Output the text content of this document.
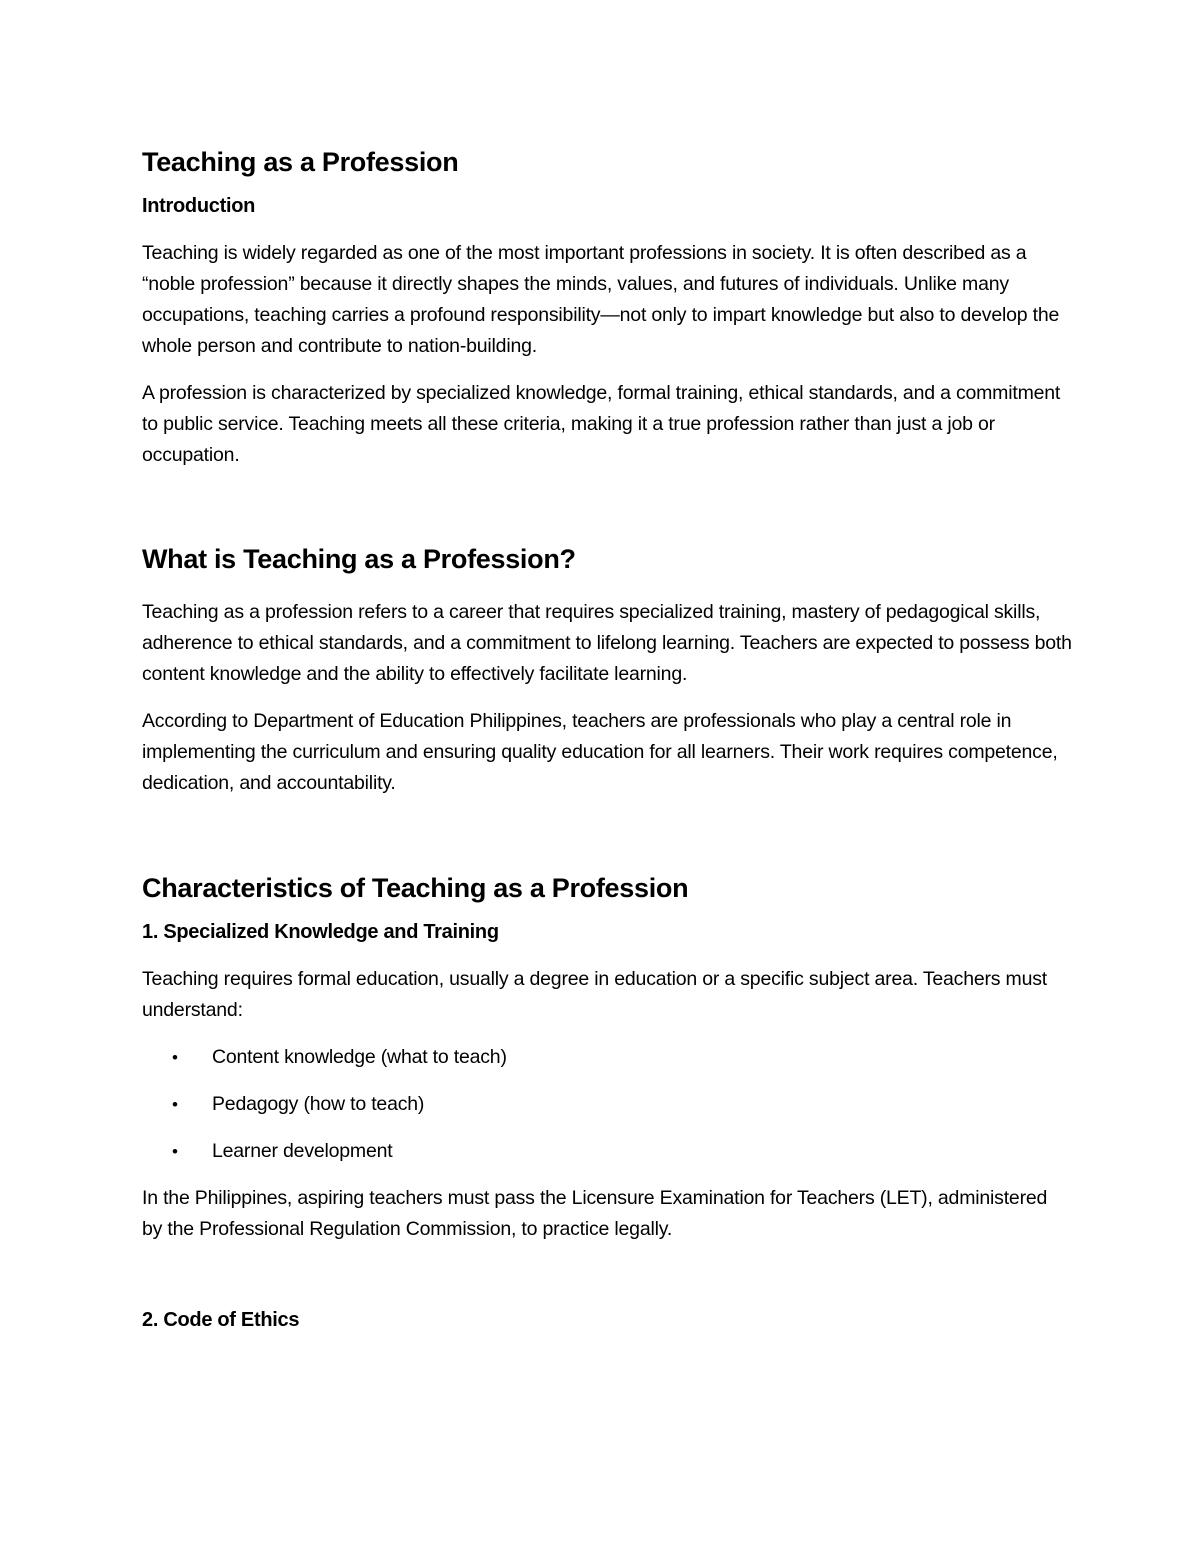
Teaching as a Profession
Introduction

Teaching is widely regarded as one of the most important professions in society. It is often described as a “noble profession” because it directly shapes the minds, values, and futures of individuals. Unlike many occupations, teaching carries a profound responsibility—not only to impart knowledge but also to develop the whole person and contribute to nation-building.

A profession is characterized by specialized knowledge, formal training, ethical standards, and a commitment to public service. Teaching meets all these criteria, making it a true profession rather than just a job or occupation.

What is Teaching as a Profession?

Teaching as a profession refers to a career that requires specialized training, mastery of pedagogical skills, adherence to ethical standards, and a commitment to lifelong learning. Teachers are expected to possess both content knowledge and the ability to effectively facilitate learning.

According to Department of Education Philippines, teachers are professionals who play a central role in implementing the curriculum and ensuring quality education for all learners. Their work requires competence, dedication, and accountability.

Characteristics of Teaching as a Profession
1. Specialized Knowledge and Training

Teaching requires formal education, usually a degree in education or a specific subject area. Teachers must understand:

• Content knowledge (what to teach)
• Pedagogy (how to teach)
• Learner development

In the Philippines, aspiring teachers must pass the Licensure Examination for Teachers (LET), administered by the Professional Regulation Commission, to practice legally.

2. Code of Ethics
